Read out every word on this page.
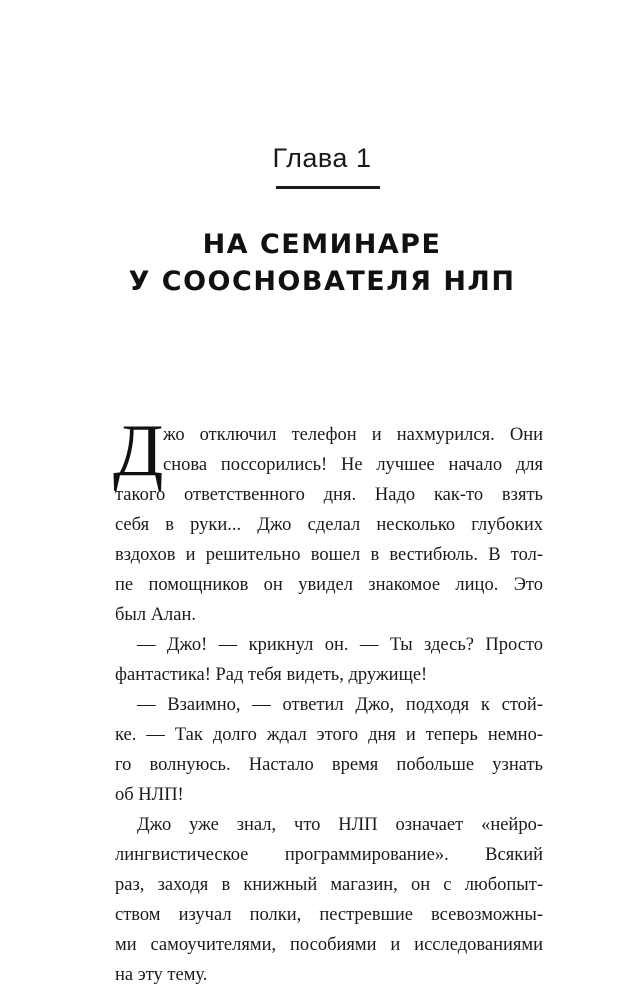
Глава 1
НА СЕМИНАРЕ
У СООСНОВАТЕЛЯ НЛП
Д жо отключил телефон и нахмурился. Они
снова поссорились! Не лучшее начало для
такого ответственного дня. Надо как-то взять
себя в руки... Джо сделал несколько глубоких
вздохов и решительно вошел в вестибюль. В тол-
пе помощников он увидел знакомое лицо. Это
был Алан.
— Джо! — крикнул он. — Ты здесь? Просто
фантастика! Рад тебя видеть, дружище!
— Взаимно, — ответил Джо, подходя к стой-
ке. — Так долго ждал этого дня и теперь немно-
го волнуюсь. Настало время побольше узнать
об НЛП!
Джо уже знал, что НЛП означает «нейро-
лингвистическое программирование». Всякий
раз, заходя в книжный магазин, он с любопыт-
ством изучал полки, пестревшие всевозможны-
ми самоучителями, пособиями и исследованиями
на эту тему.
